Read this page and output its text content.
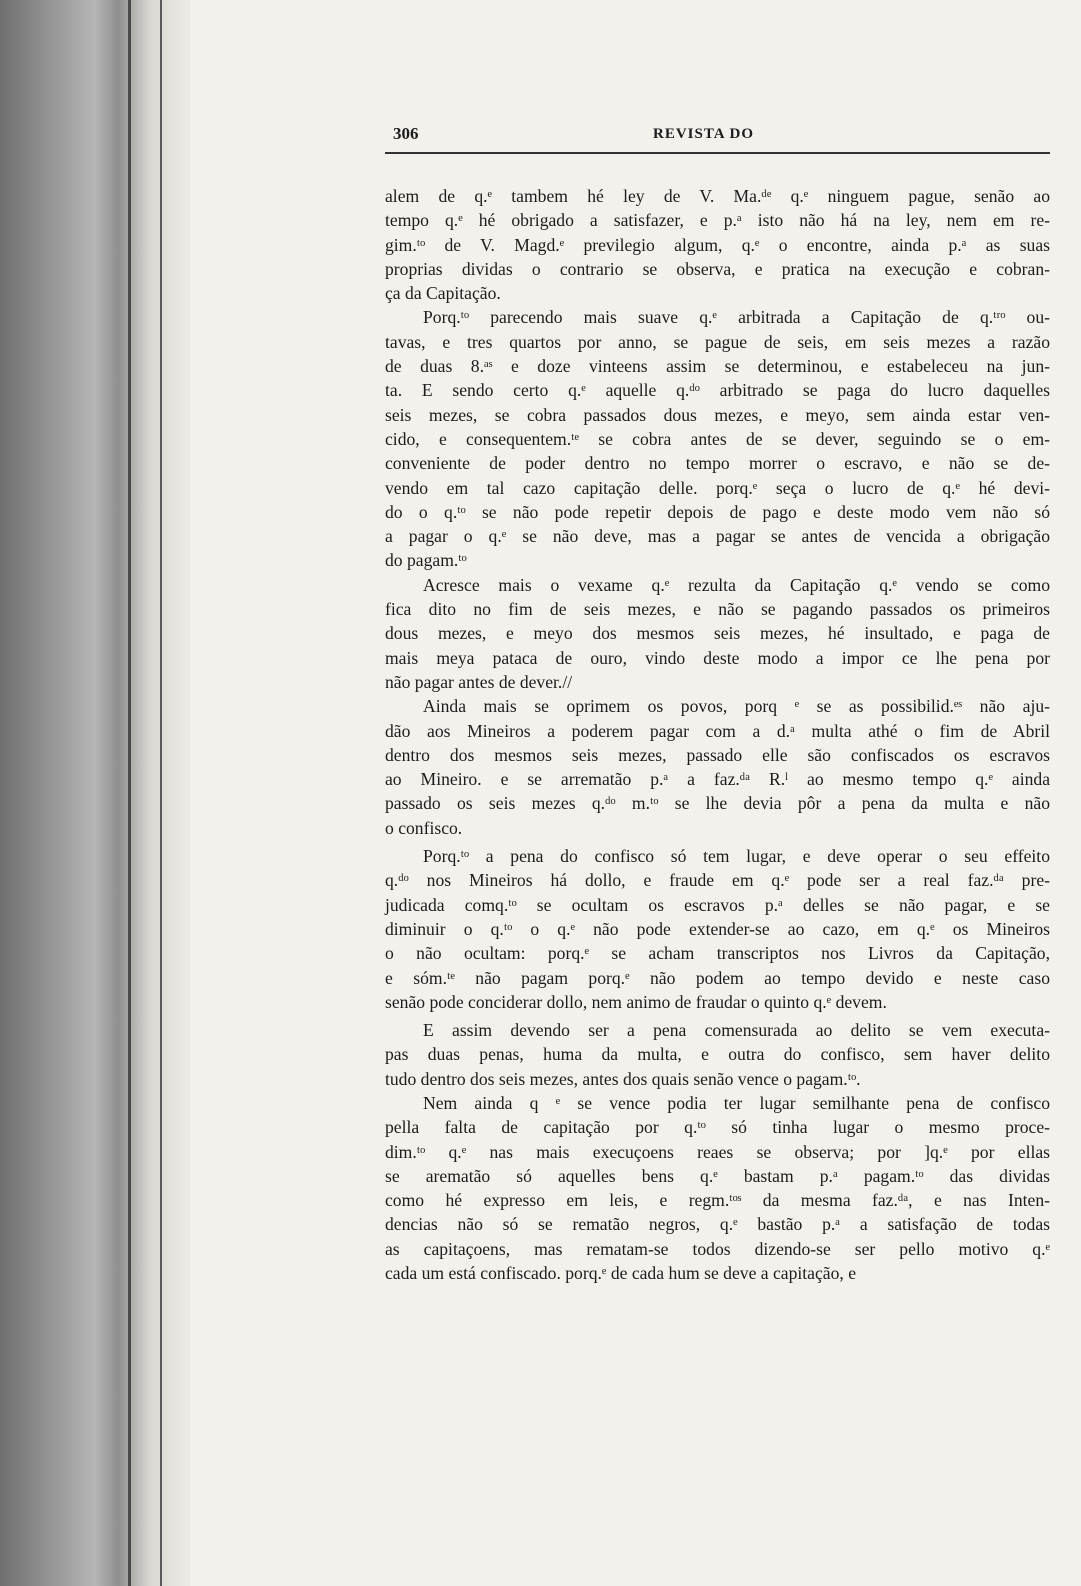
306	REVISTA DO
alem de q.ᵉ tambem hé ley de V. Ma.ᵈᵉ q.ᵉ ninguem pague, senão ao
tempo q.ᵉ hé obrigado a satisfazer, e p.ᵃ isto não há na ley, nem em re-
gim.ᵗᵒ de V. Magd.ᵉ previlegio algum, q.ᵉ o encontre, ainda p.ᵃ as suas
proprias dividas o contrario se observa, e pratica na execução e cobran-
ça da Capitação.
Porq.ᵗᵒ parecendo mais suave q.ᵉ arbitrada a Capitação de q.ᵗʳᵒ ou-
tavas, e tres quartos por anno, se pague de seis, em seis mezes a razão
de duas 8.ᵃˢ e doze vinteens assim se determinou, e estabeleceu na jun-
ta. E sendo certo q.ᵉ aquelle q.ᵈᵒ arbitrado se paga do lucro daquelles
seis mezes, se cobra passados dous mezes, e meyo, sem ainda estar ven-
cido, e consequentem.ᵗᵉ se cobra antes de se dever, seguindo se o em-
conveniente de poder dentro no tempo morrer o escravo, e não se de-
vendo em tal cazo capitação delle. porq.ᵉ seça o lucro de q.ᵉ hé devi-
do o q.ᵗᵒ se não pode repetir depois de pago e deste modo vem não só
a pagar o q.ᵉ se não deve, mas a pagar se antes de vencida a obrigação
do pagam.ᵗᵒ
Acresce mais o vexame q.ᵉ rezulta da Capitação q.ᵉ vendo se como
fica dito no fim de seis mezes, e não se pagando passados os primeiros
dous mezes, e meyo dos mesmos seis mezes, hé insultado, e paga de
mais meya pataca de ouro, vindo deste modo a impor ce lhe pena por
não pagar antes de dever.//
Ainda mais se oprimem os povos, porq ᵉ se as possibilid.ᵉˢ não aju-
dão aos Mineiros a poderem pagar com a d.ᵃ multa athé o fim de Abril
dentro dos mesmos seis mezes, passado elle são confiscados os escravos
ao Mineiro. e se arrematão p.ᵃ a faz.ᵈᵃ R.ˡ ao mesmo tempo q.ᵉ ainda
passado os seis mezes q.ᵈᵒ m.ᵗᵒ se lhe devia pôr a pena da multa e não
o confisco.
Porq.ᵗᵒ a pena do confisco só tem lugar, e deve operar o seu effeito
q.ᵈᵒ nos Mineiros há dollo, e fraude em q.ᵉ pode ser a real faz.ᵈᵃ pre-
judicada comq.ᵗᵒ se ocultam os escravos p.ᵃ delles se não pagar, e se
diminuir o q.ᵗᵒ o q.ᵉ não pode extender-se ao cazo, em q.ᵉ os Mineiros
o não ocultam: porq.ᵉ se acham transcriptos nos Livros da Capitação,
e sóm.ᵗᵉ não pagam porq.ᵉ não podem ao tempo devido e neste caso
senão pode conciderar dollo, nem animo de fraudar o quinto q.ᵉ devem.
E assim devendo ser a pena comensurada ao delito se vem executa-
pas duas penas, huma da multa, e outra do confisco, sem haver delito
tudo dentro dos seis mezes, antes dos quais senão vence o pagam.ᵗᵒ.
Nem ainda q ᵉ se vence podia ter lugar semilhante pena de confisco
pella falta de capitação por q.ᵗᵒ só tinha lugar o mesmo proce-
dim.ᵗᵒ q.ᵉ nas mais execuçoens reaes se observa; por ]q.ᵉ por ellas
se arematão só aquelles bens q.ᵉ bastam p.ᵃ pagam.ᵗᵒ das dividas
como hé expresso em leis, e regm.ᵗᵒˢ da mesma faz.ᵈᵃ, e nas Inten-
dencias não só se rematão negros, q.ᵉ bastão p.ᵃ a satisfação de todas
as capitaçoens, mas rematam-se todos dizendo-se ser pello motivo q.ᵉ
cada um está confiscado. porq.ᵉ de cada hum se deve a capitação, e
